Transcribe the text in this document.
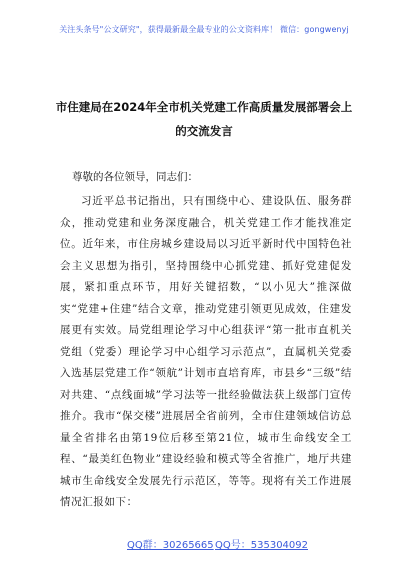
关注头条号"公文研究"，获得最新最全最专业的公文资料库！ 微信：gongwenyj
市住建局在2024年全市机关党建工作高质量发展部署会上
的交流发言
尊敬的各位领导，同志们：
习近平总书记指出，只有围绕中心、建设队伍、服务群众，推动党建和业务深度融合，机关党建工作才能找准定位。近年来，市住房城乡建设局以习近平新时代中国特色社会主义思想为指引，坚持围绕中心抓党建、抓好党建促发展，紧扣重点环节，用好关键招数，“以小见大”推深做实“党建+住建”结合文章，推动党建引领更见成效，住建发展更有实效。局党组理论学习中心组获评“第一批市直机关党组（党委）理论学习中心组学习示范点”，直属机关党委入选基层党建工作“领航”计划市直培育库，市县乡“三级”结对共建、“点线面城”学习法等一批经验做法获上级部门宣传推介。我市“保交楼”进展居全省前列，全市住建领域信访总量全省排名由第19位后移至第21位，城市生命线安全工程、“最美红色物业”建设经验和模式等全省推广，地厅共建城市生命线安全发展先行示范区，等等。现将有关工作进展情况汇报如下：
QQ群：30265665 QQ号：535304092
